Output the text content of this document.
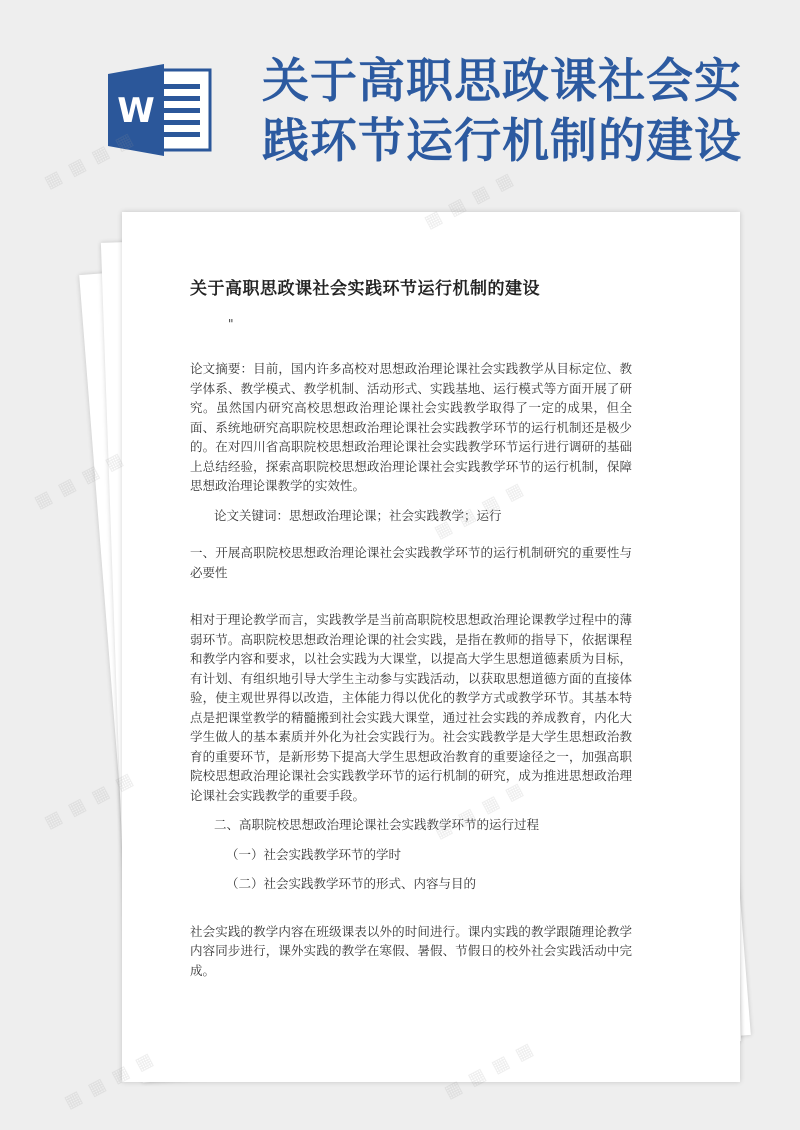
W
关于高职思政课社会实
践环节运行机制的建设
关于高职思政课社会实践环节运行机制的建设
"

论文摘要：目前，国内许多高校对思想政治理论课社会实践教学从目标定位、教学体系、教学模式、教学机制、活动形式、实践基地、运行模式等方面开展了研究。虽然国内研究高校思想政治理论课社会实践教学取得了一定的成果，但全面、系统地研究高职院校思想政治理论课社会实践教学环节的运行机制还是极少的。在对四川省高职院校思想政治理论课社会实践教学环节运行进行调研的基础上总结经验，探索高职院校思想政治理论课社会实践教学环节的运行机制，保障思想政治理论课教学的实效性。

论文关键词：思想政治理论课；社会实践教学；运行

一、开展高职院校思想政治理论课社会实践教学环节的运行机制研究的重要性与必要性

相对于理论教学而言，实践教学是当前高职院校思想政治理论课教学过程中的薄弱环节。高职院校思想政治理论课的社会实践，是指在教师的指导下，依据课程和教学内容和要求，以社会实践为大课堂，以提高大学生思想道德素质为目标，有计划、有组织地引导大学生主动参与实践活动，以获取思想道德方面的直接体验，使主观世界得以改造，主体能力得以优化的教学方式或教学环节。其基本特点是把课堂教学的精髓搬到社会实践大课堂，通过社会实践的养成教育，内化大学生做人的基本素质并外化为社会实践行为。社会实践教学是大学生思想政治教育的重要环节，是新形势下提高大学生思想政治教育的重要途径之一，加强高职院校思想政治理论课社会实践教学环节的运行机制的研究，成为推进思想政治理论课社会实践教学的重要手段。

二、高职院校思想政治理论课社会实践教学环节的运行过程

（一）社会实践教学环节的学时

（二）社会实践教学环节的形式、内容与目的

社会实践的教学内容在班级课表以外的时间进行。课内实践的教学跟随理论教学内容同步进行，课外实践的教学在寒假、暑假、节假日的校外社会实践活动中完成。

▦ ▦ ▦ ▦
▦ ▦ ▦ ▦
▦ ▦ ▦ ▦
▦ ▦ ▦ ▦
▦ ▦ ▦ ▦
